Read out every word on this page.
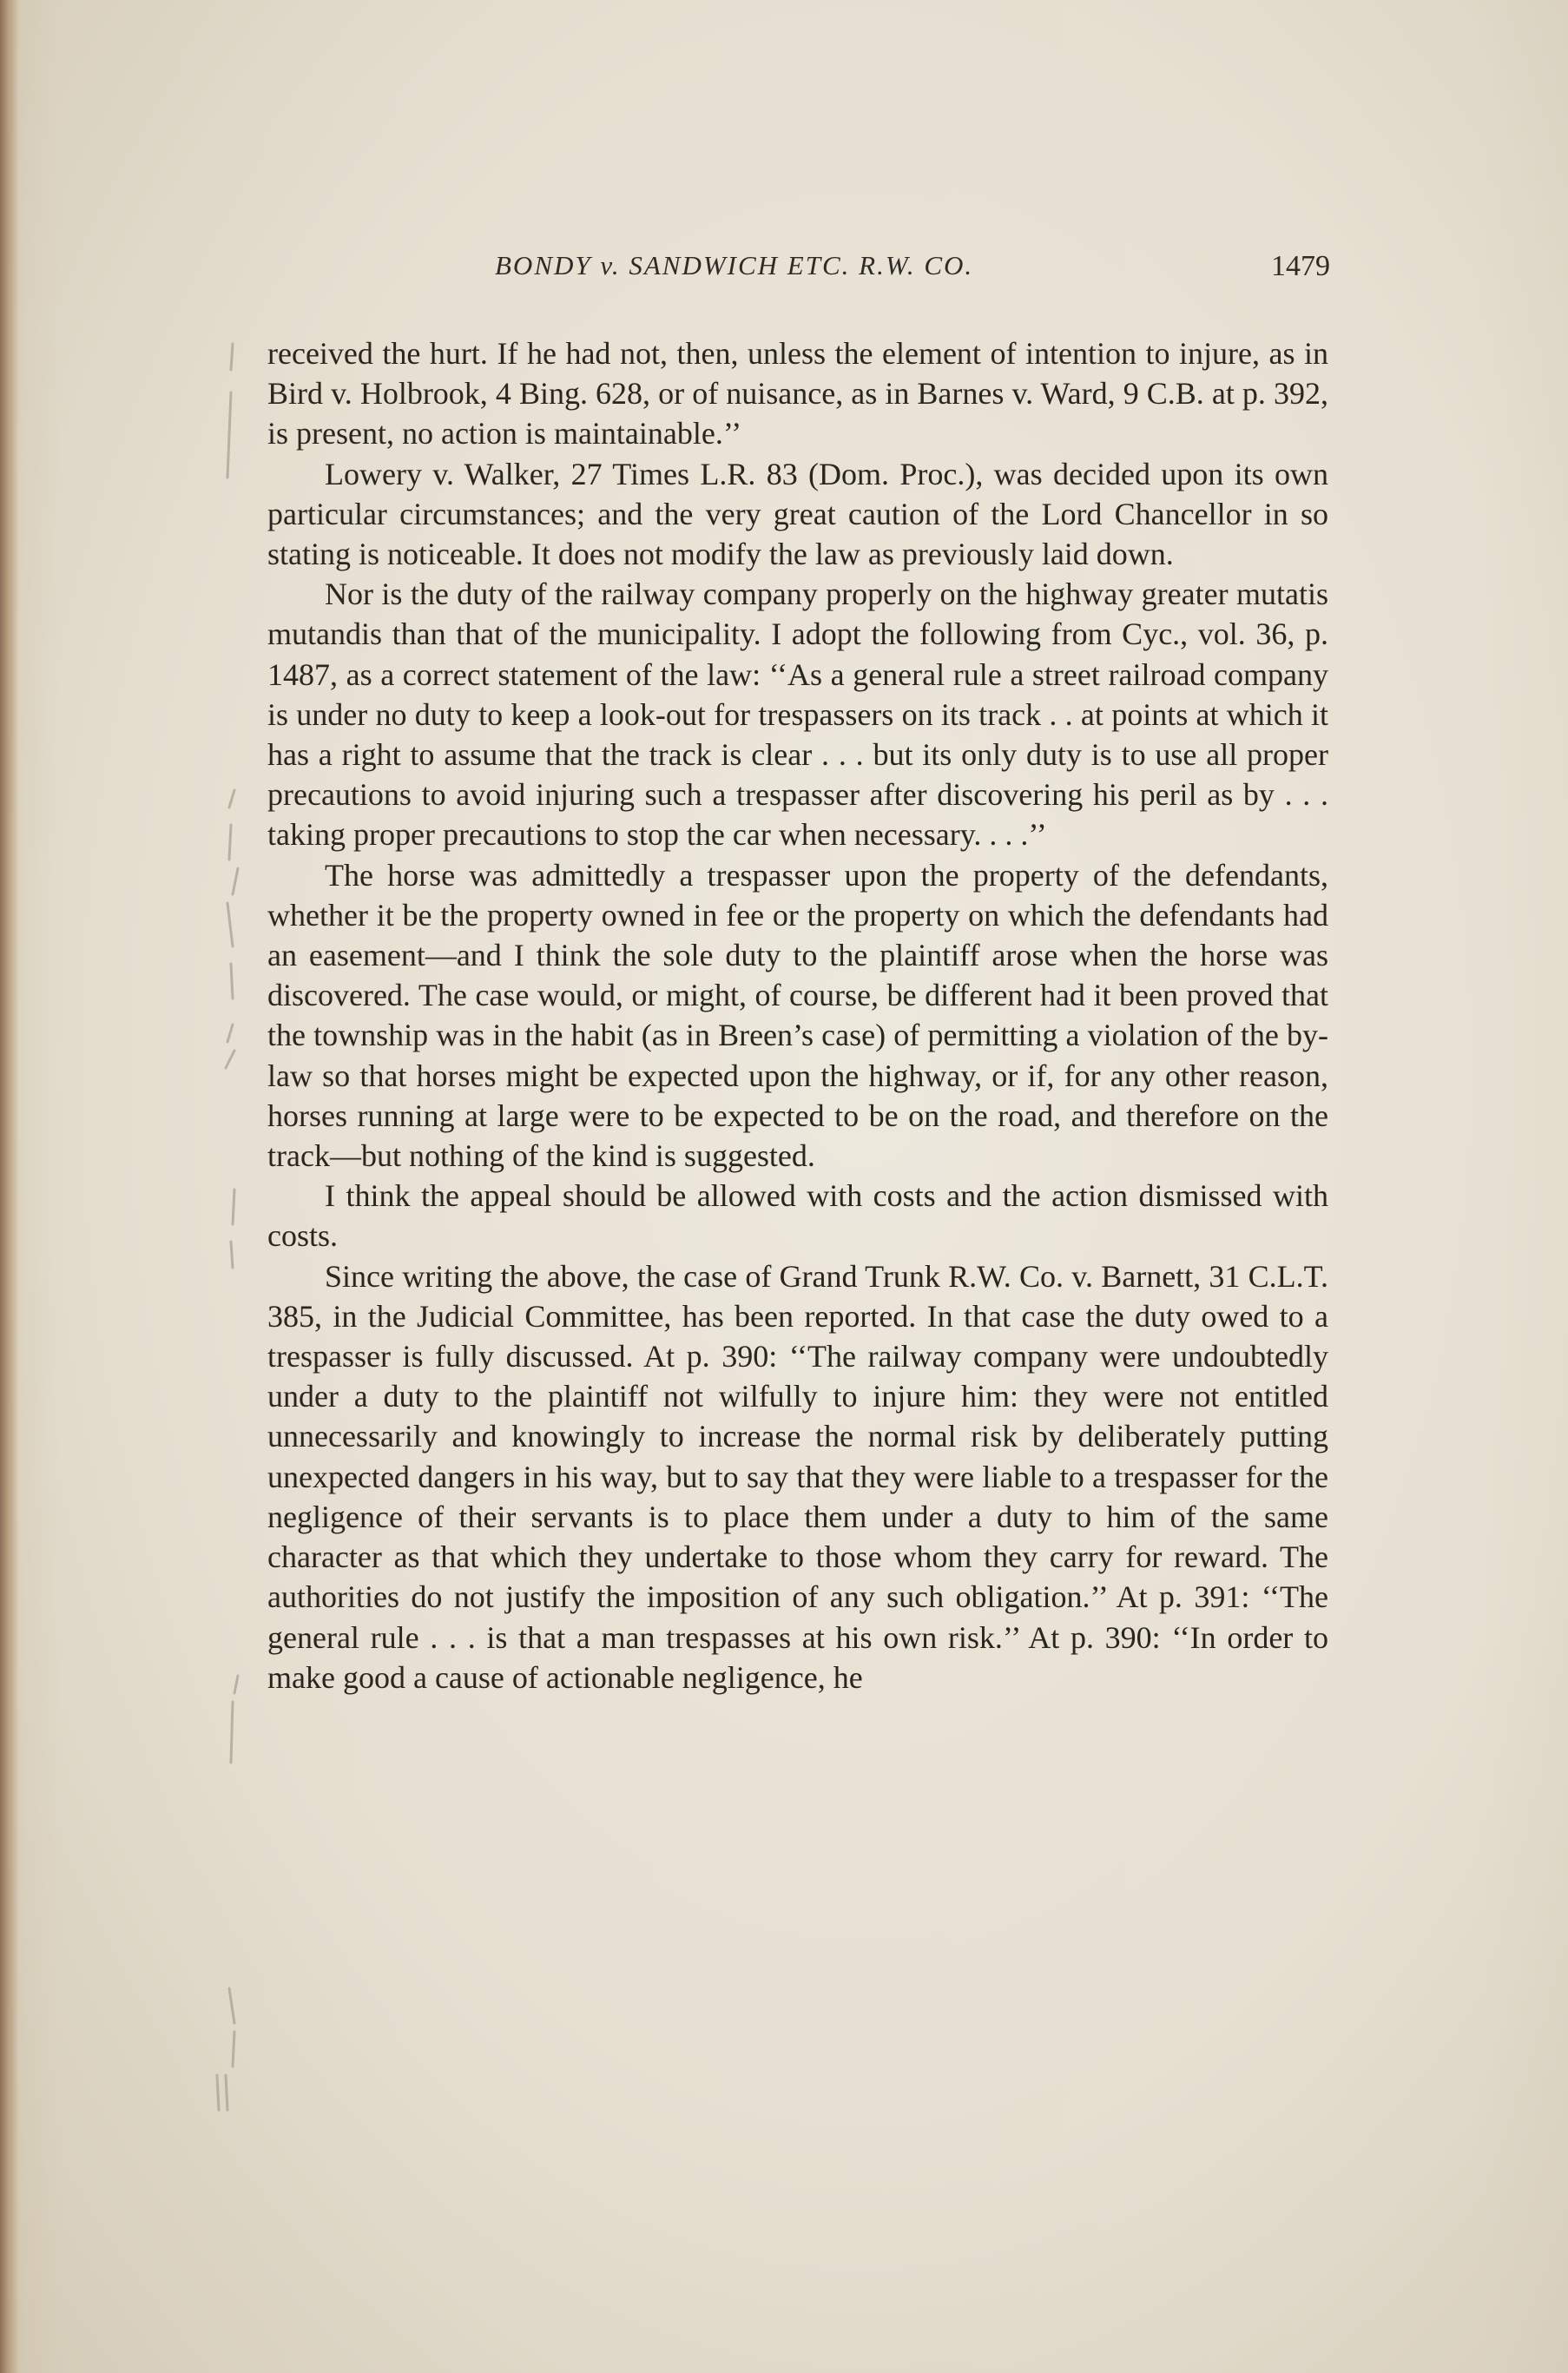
BONDY v. SANDWICH ETC. R.W. CO.	1479

received the hurt. If he had not, then, unless the element of intention to injure, as in Bird v. Holbrook, 4 Bing. 628, or of nuisance, as in Barnes v. Ward, 9 C.B. at p. 392, is present, no action is maintainable.’’

Lowery v. Walker, 27 Times L.R. 83 (Dom. Proc.), was decided upon its own particular circumstances; and the very great caution of the Lord Chancellor in so stating is noticeable. It does not modify the law as previously laid down.

Nor is the duty of the railway company properly on the highway greater mutatis mutandis than that of the municipality. I adopt the following from Cyc., vol. 36, p. 1487, as a correct statement of the law: ‘‘As a general rule a street railroad company is under no duty to keep a look-out for trespassers on its track . . at points at which it has a right to assume that the track is clear . . . but its only duty is to use all proper precautions to avoid injuring such a trespasser after discovering his peril as by . . . taking proper precautions to stop the car when necessary. . . .’’

The horse was admittedly a trespasser upon the property of the defendants, whether it be the property owned in fee or the property on which the defendants had an easement—and I think the sole duty to the plaintiff arose when the horse was discovered. The case would, or might, of course, be different had it been proved that the township was in the habit (as in Breen’s case) of permitting a violation of the by-law so that horses might be expected upon the highway, or if, for any other reason, horses running at large were to be expected to be on the road, and therefore on the track—but nothing of the kind is suggested.

I think the appeal should be allowed with costs and the action dismissed with costs.

Since writing the above, the case of Grand Trunk R.W. Co. v. Barnett, 31 C.L.T. 385, in the Judicial Committee, has been reported. In that case the duty owed to a trespasser is fully discussed. At p. 390: ‘‘The railway company were undoubtedly under a duty to the plaintiff not wilfully to injure him: they were not entitled unnecessarily and knowingly to increase the normal risk by deliberately putting unexpected dangers in his way, but to say that they were liable to a trespasser for the negligence of their servants is to place them under a duty to him of the same character as that which they undertake to those whom they carry for reward. The authorities do not justify the imposition of any such obligation.’’ At p. 391: ‘‘The general rule . . . is that a man trespasses at his own risk.’’ At p. 390: ‘‘In order to make good a cause of actionable negligence, he
